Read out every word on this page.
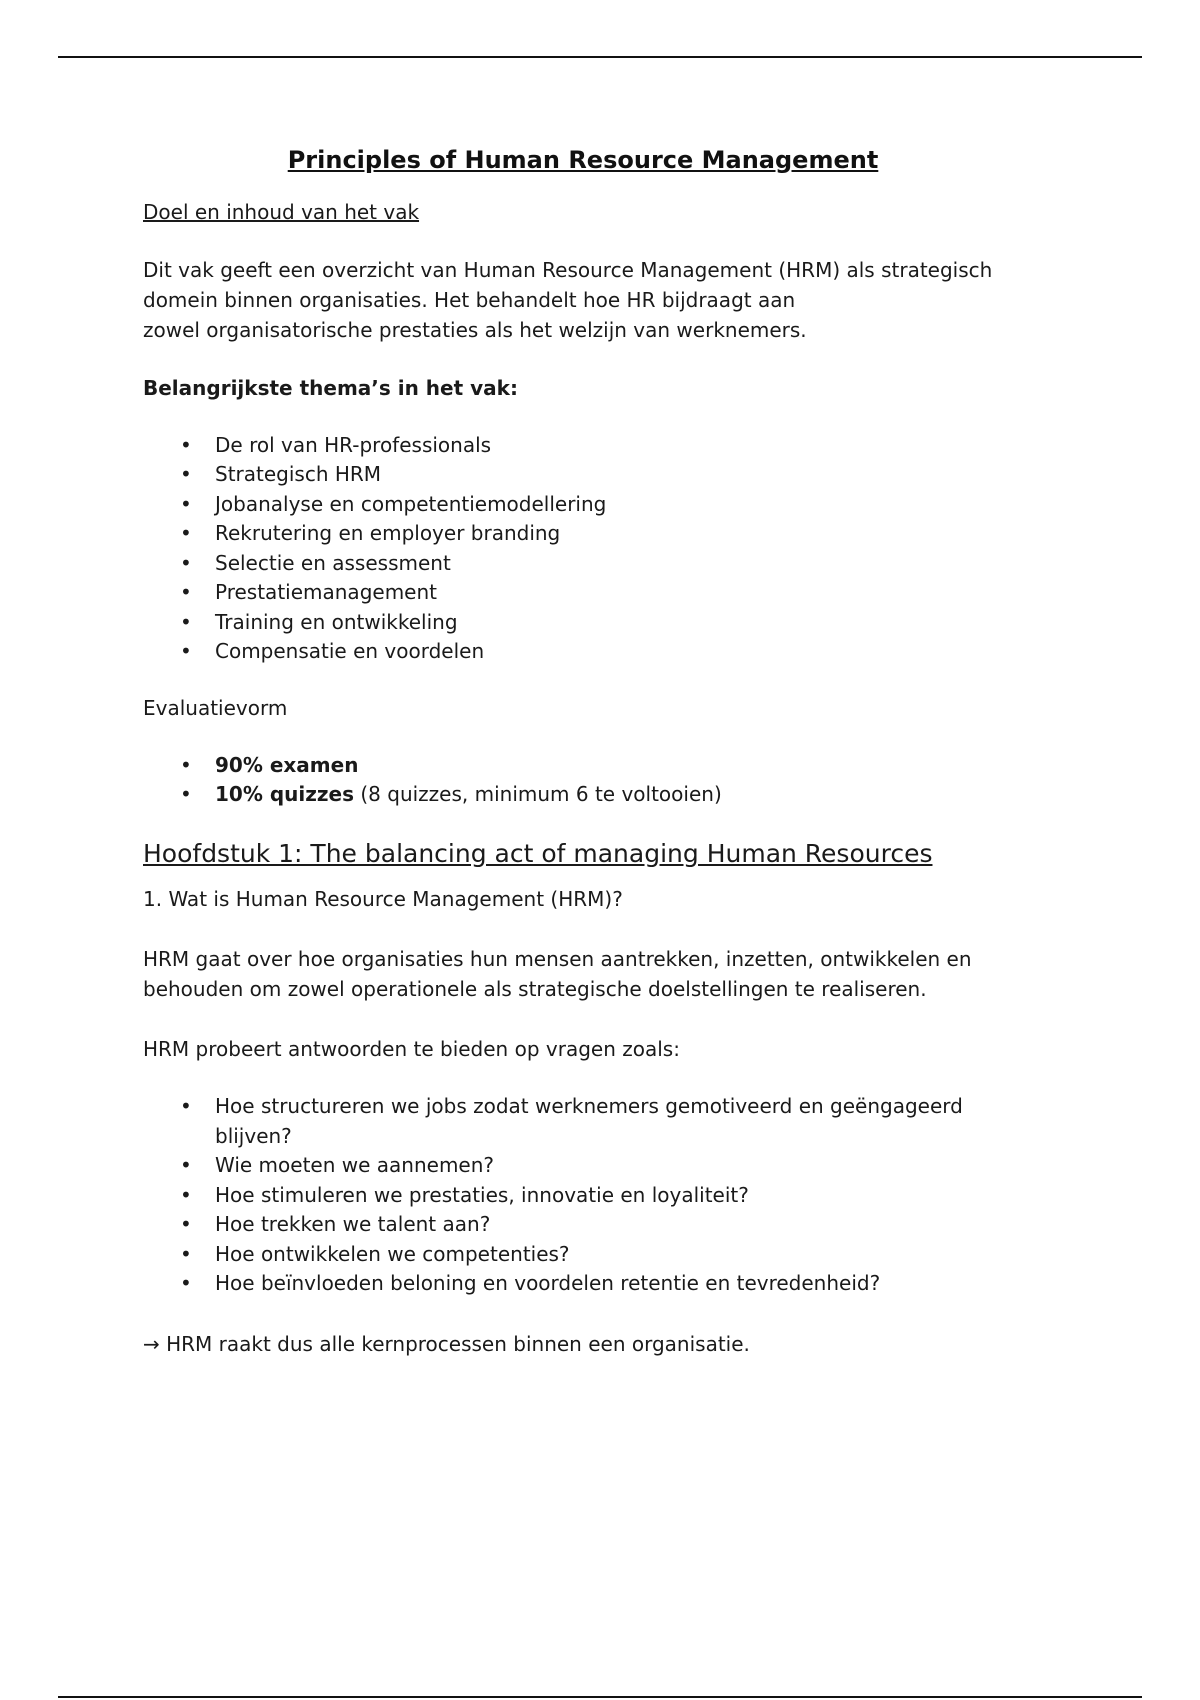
Principles of Human Resource Management
Doel en inhoud van het vak

Dit vak geeft een overzicht van Human Resource Management (HRM) als strategisch
domein binnen organisaties. Het behandelt hoe HR bijdraagt aan
zowel organisatorische prestaties als het welzijn van werknemers.

Belangrijkste thema’s in het vak:
• De rol van HR-professionals
• Strategisch HRM
• Jobanalyse en competentiemodellering
• Rekrutering en employer branding
• Selectie en assessment
• Prestatiemanagement
• Training en ontwikkeling
• Compensatie en voordelen
Evaluatievorm
• 90% examen
• 10% quizzes (8 quizzes, minimum 6 te voltooien)
Hoofdstuk 1: The balancing act of managing Human Resources
1. Wat is Human Resource Management (HRM)?

HRM gaat over hoe organisaties hun mensen aantrekken, inzetten, ontwikkelen en
behouden om zowel operationele als strategische doelstellingen te realiseren.

HRM probeert antwoorden te bieden op vragen zoals:

• Hoe structureren we jobs zodat werknemers gemotiveerd en geëngageerd blijven?
• Wie moeten we aannemen?
• Hoe stimuleren we prestaties, innovatie en loyaliteit?
• Hoe trekken we talent aan?
• Hoe ontwikkelen we competenties?
• Hoe beïnvloeden beloning en voordelen retentie en tevredenheid?

→ HRM raakt dus alle kernprocessen binnen een organisatie.
